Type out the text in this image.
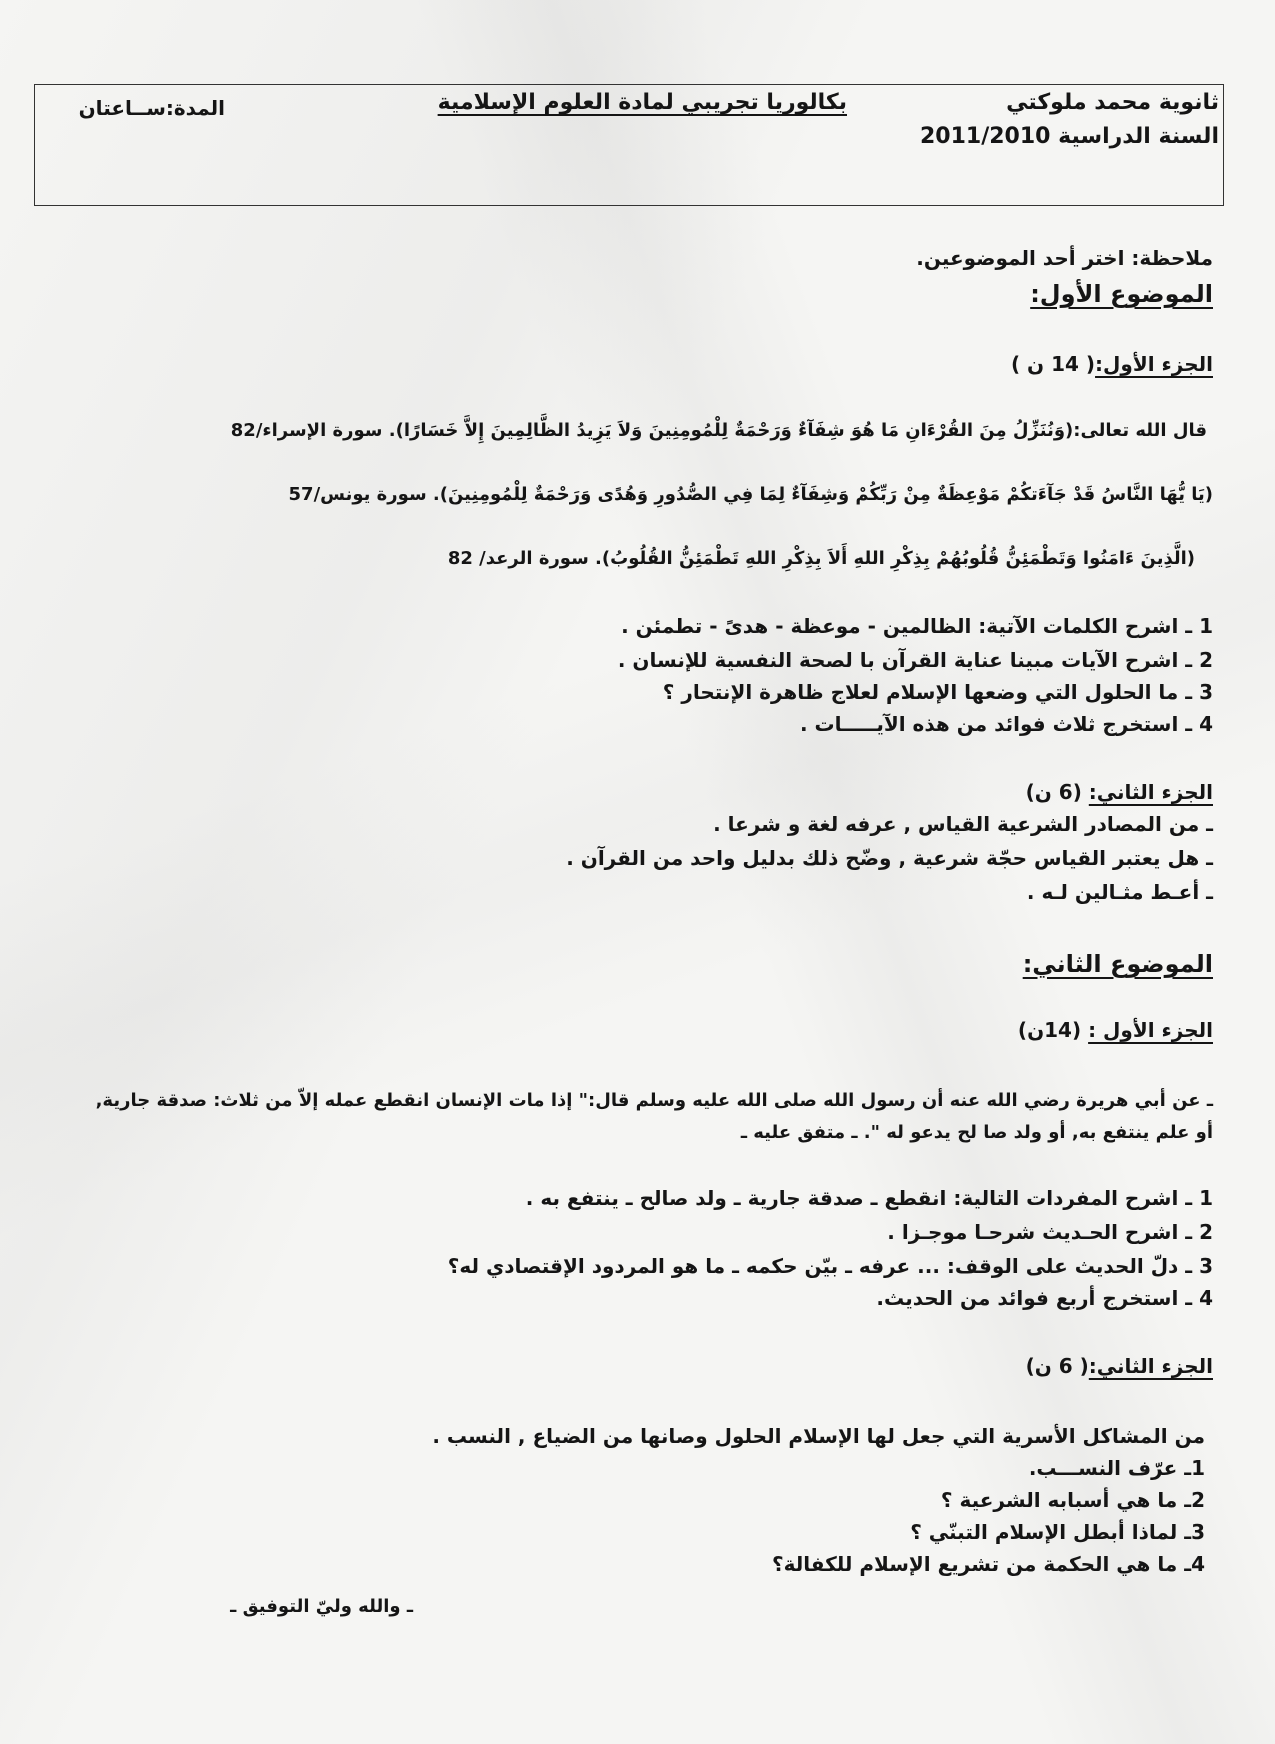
ثانوية محمد ملوكتي
السنة الدراسية 2011/2010
بكالوريا تجريبي لمادة العلوم الإسلامية
المدة:ســاعتان
ملاحظة: اختر أحد الموضوعين.
الموضوع الأول:
الجزء الأول:( 14 ن )
قال الله تعالى:(وَنُنَزِّلُ مِنَ القُرْءَانِ مَا هُوَ شِفَآءٌ وَرَحْمَةٌ لِلْمُومِنِينَ وَلاَ يَزِيدُ الظَّالِمِينَ إِلاَّ خَسَارًا). سورة الإسراء/82
(يَا يُّهَا النَّاسُ قَدْ جَآءَتكُمْ مَوْعِظَةٌ مِنْ رَبِّكُمْ وَشِفَآءٌ لِمَا فِي الصُّدُورِ وَهُدًى وَرَحْمَةٌ لِلْمُومِنِينَ). سورة يونس/57
(الَّذِينَ ءَامَنُوا وَتَطْمَئِنُّ قُلُوبُهُمْ بِذِكْرِ اللهِ أَلاَ بِذِكْرِ اللهِ تَطْمَئِنُّ القُلُوبُ). سورة الرعد/ 82
1 ـ اشرح الكلمات الآتية: الظالمين - موعظة - هدىً - تطمئن .
2 ـ اشرح الآيات مبينا عناية القرآن با لصحة النفسية للإنسان .
3 ـ ما الحلول التي وضعها الإسلام لعلاج ظاهرة الإنتحار ؟
4 ـ استخرج ثلاث فوائد من هذه الآيـــــات .
الجزء الثاني: (6 ن)
ـ من المصادر الشرعية القياس , عرفه لغة و شرعا .
ـ هل يعتبر القياس حجّة شرعية , وضّح ذلك بدليل واحد من القرآن .
ـ أعـط مثـالين لـه .
الموضوع الثاني:
الجزء الأول : (14ن)
ـ عن أبي هريرة رضي الله عنه أن رسول الله صلى الله عليه وسلم قال:" إذا مات الإنسان انقطع عمله إلاّ من ثلاث: صدقة جارية,
أو علم ينتفع به, أو ولد صا لح يدعو له ". ـ متفق عليه ـ
1 ـ اشرح المفردات التالية: انقطع ـ صدقة جارية ـ ولد صالح ـ ينتفع به .
2 ـ اشرح الحـديث شرحـا موجـزا .
3 ـ دلّ الحديث على الوقف: ... عرفه ـ بيّن حكمه ـ ما هو المردود الإقتصادي له؟
4 ـ استخرج أربع فوائد من الحديث.
الجزء الثاني:( 6 ن)
من المشاكل الأسرية التي جعل لها الإسلام الحلول وصانها من الضياع , النسب .
1ـ عرّف النســـب.
2ـ ما هي أسبابه الشرعية ؟
3ـ لماذا أبطل الإسلام التبنّي ؟
4ـ ما هي الحكمة من تشريع الإسلام للكفالة؟
ـ والله وليّ التوفيق ـ
